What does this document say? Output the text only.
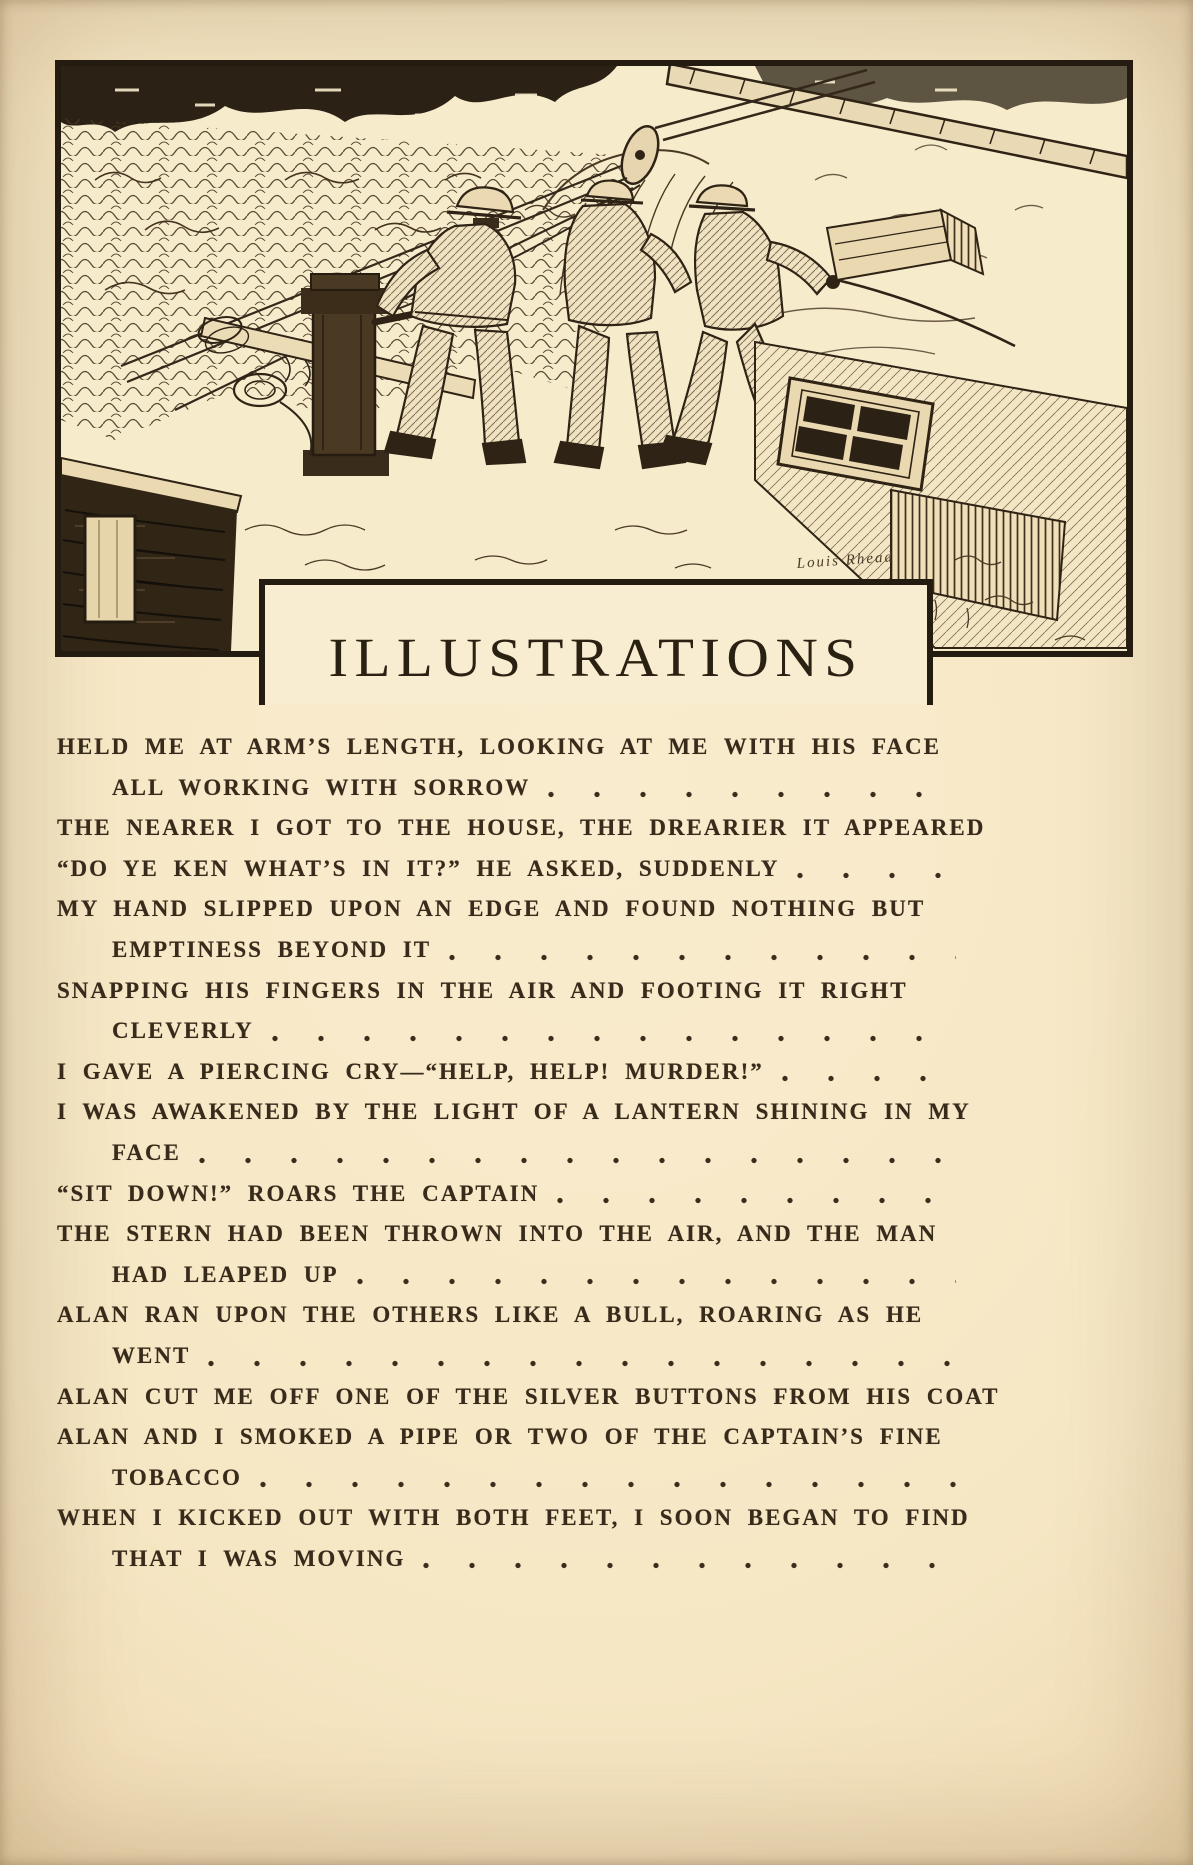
ILLUSTRATIONS
Louis Rhead
HELD ME AT ARM’S LENGTH, LOOKING AT ME WITH HIS FACE
ALL WORKING WITH SORROW
THE NEARER I GOT TO THE HOUSE, THE DREARIER IT APPEARED
“DO YE KEN WHAT’S IN IT?” HE ASKED, SUDDENLY
MY HAND SLIPPED UPON AN EDGE AND FOUND NOTHING BUT
EMPTINESS BEYOND IT
SNAPPING HIS FINGERS IN THE AIR AND FOOTING IT RIGHT
CLEVERLY
I GAVE A PIERCING CRY—“HELP, HELP! MURDER!”
I WAS AWAKENED BY THE LIGHT OF A LANTERN SHINING IN MY
FACE
“SIT DOWN!” ROARS THE CAPTAIN
THE STERN HAD BEEN THROWN INTO THE AIR, AND THE MAN
HAD LEAPED UP
ALAN RAN UPON THE OTHERS LIKE A BULL, ROARING AS HE
WENT
ALAN CUT ME OFF ONE OF THE SILVER BUTTONS FROM HIS COAT
ALAN AND I SMOKED A PIPE OR TWO OF THE CAPTAIN’S FINE
TOBACCO
WHEN I KICKED OUT WITH BOTH FEET, I SOON BEGAN TO FIND
THAT I WAS MOVING
